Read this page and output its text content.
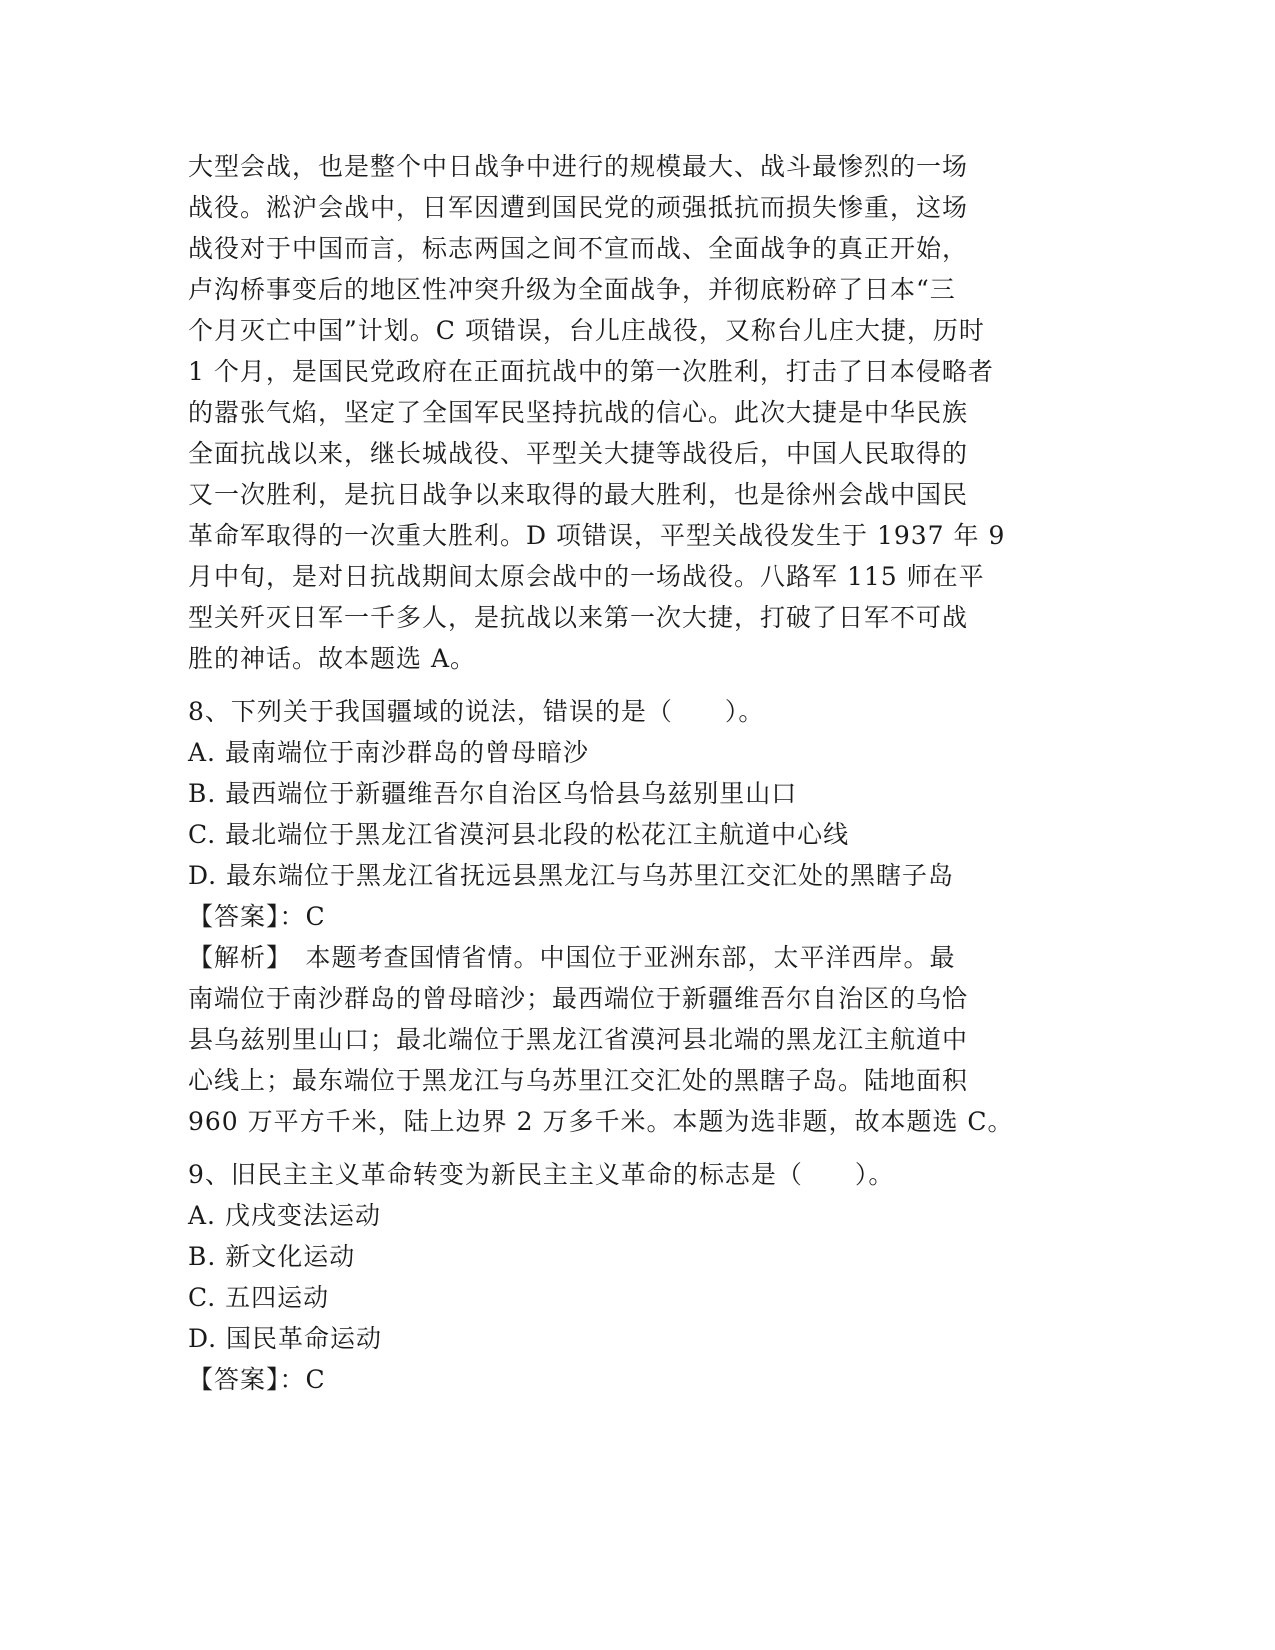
大型会战，也是整个中日战争中进行的规模最大、战斗最惨烈的一场
战役。淞沪会战中，日军因遭到国民党的顽强抵抗而损失惨重，这场
战役对于中国而言，标志两国之间不宣而战、全面战争的真正开始，
卢沟桥事变后的地区性冲突升级为全面战争，并彻底粉碎了日本“三
个月灭亡中国”计划。C 项错误，台儿庄战役，又称台儿庄大捷，历时
1 个月，是国民党政府在正面抗战中的第一次胜利，打击了日本侵略者
的嚣张气焰，坚定了全国军民坚持抗战的信心。此次大捷是中华民族
全面抗战以来，继长城战役、平型关大捷等战役后，中国人民取得的
又一次胜利，是抗日战争以来取得的最大胜利，也是徐州会战中国民
革命军取得的一次重大胜利。D 项错误，平型关战役发生于 1937 年 9
月中旬，是对日抗战期间太原会战中的一场战役。八路军 115 师在平
型关歼灭日军一千多人，是抗战以来第一次大捷，打破了日军不可战
胜的神话。故本题选 A。
8、下列关于我国疆域的说法，错误的是（　　）。
A. 最南端位于南沙群岛的曾母暗沙
B. 最西端位于新疆维吾尔自治区乌恰县乌兹别里山口
C. 最北端位于黑龙江省漠河县北段的松花江主航道中心线
D. 最东端位于黑龙江省抚远县黑龙江与乌苏里江交汇处的黑瞎子岛
【答案】：C
【解析】　本题考查国情省情。中国位于亚洲东部，太平洋西岸。最
南端位于南沙群岛的曾母暗沙；最西端位于新疆维吾尔自治区的乌恰
县乌兹别里山口；最北端位于黑龙江省漠河县北端的黑龙江主航道中
心线上；最东端位于黑龙江与乌苏里江交汇处的黑瞎子岛。陆地面积
960 万平方千米，陆上边界 2 万多千米。本题为选非题，故本题选 C。
9、旧民主主义革命转变为新民主主义革命的标志是（　　）。
A. 戊戌变法运动
B. 新文化运动
C. 五四运动
D. 国民革命运动
【答案】：C
